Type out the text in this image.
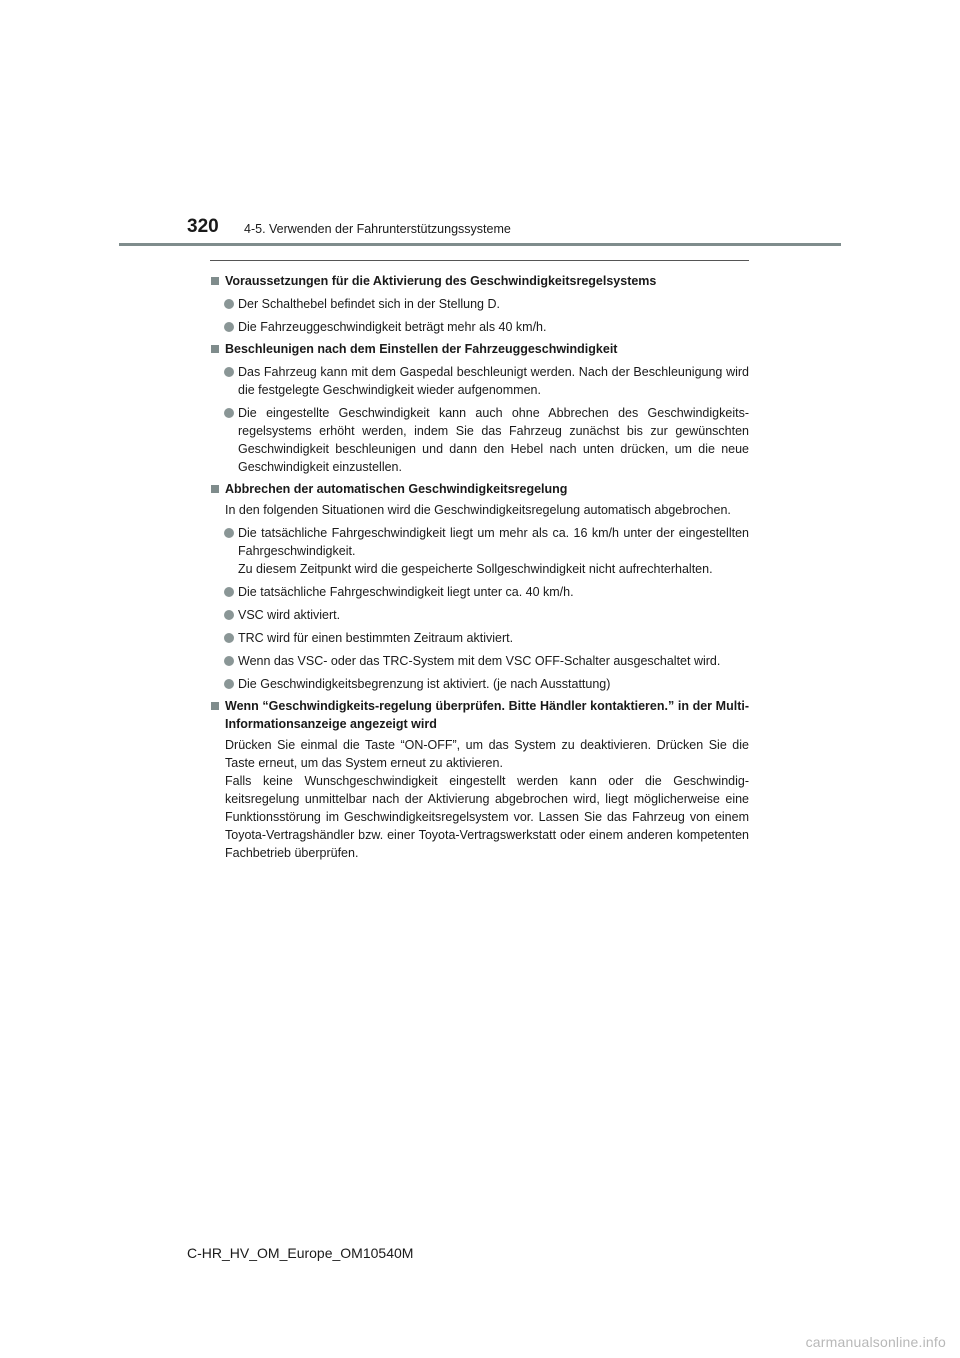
320 4-5. Verwenden der Fahrunterstützungssysteme
Voraussetzungen für die Aktivierung des Geschwindigkeitsregelsystems
Der Schalthebel befindet sich in der Stellung D.
Die Fahrzeuggeschwindigkeit beträgt mehr als 40 km/h.
Beschleunigen nach dem Einstellen der Fahrzeuggeschwindigkeit
Das Fahrzeug kann mit dem Gaspedal beschleunigt werden. Nach der Beschleunigung wird die festgelegte Geschwindigkeit wieder aufgenommen.
Die eingestellte Geschwindigkeit kann auch ohne Abbrechen des Geschwindigkeitsregelsystems erhöht werden, indem Sie das Fahrzeug zunächst bis zur gewünschten Geschwindigkeit beschleunigen und dann den Hebel nach unten drücken, um die neue Geschwindigkeit einzustellen.
Abbrechen der automatischen Geschwindigkeitsregelung
In den folgenden Situationen wird die Geschwindigkeitsregelung automatisch abgebrochen.
Die tatsächliche Fahrgeschwindigkeit liegt um mehr als ca. 16 km/h unter der eingestellten Fahrgeschwindigkeit.
Zu diesem Zeitpunkt wird die gespeicherte Sollgeschwindigkeit nicht aufrechterhalten.
Die tatsächliche Fahrgeschwindigkeit liegt unter ca. 40 km/h.
VSC wird aktiviert.
TRC wird für einen bestimmten Zeitraum aktiviert.
Wenn das VSC- oder das TRC-System mit dem VSC OFF-Schalter ausgeschaltet wird.
Die Geschwindigkeitsbegrenzung ist aktiviert. (je nach Ausstattung)
Wenn “Geschwindigkeits-regelung überprüfen. Bitte Händler kontaktieren.” in der Multi-Informationsanzeige angezeigt wird
Drücken Sie einmal die Taste “ON-OFF”, um das System zu deaktivieren. Drücken Sie die Taste erneut, um das System erneut zu aktivieren.
Falls keine Wunschgeschwindigkeit eingestellt werden kann oder die Geschwindigkeitsregelung unmittelbar nach der Aktivierung abgebrochen wird, liegt möglicherweise eine Funktionsstörung im Geschwindigkeitsregelsystem vor. Lassen Sie das Fahrzeug von einem Toyota-Vertragshändler bzw. einer Toyota-Vertragswerkstatt oder einem anderen kompetenten Fachbetrieb überprüfen.
C-HR_HV_OM_Europe_OM10540M
carmanualsonline.info
